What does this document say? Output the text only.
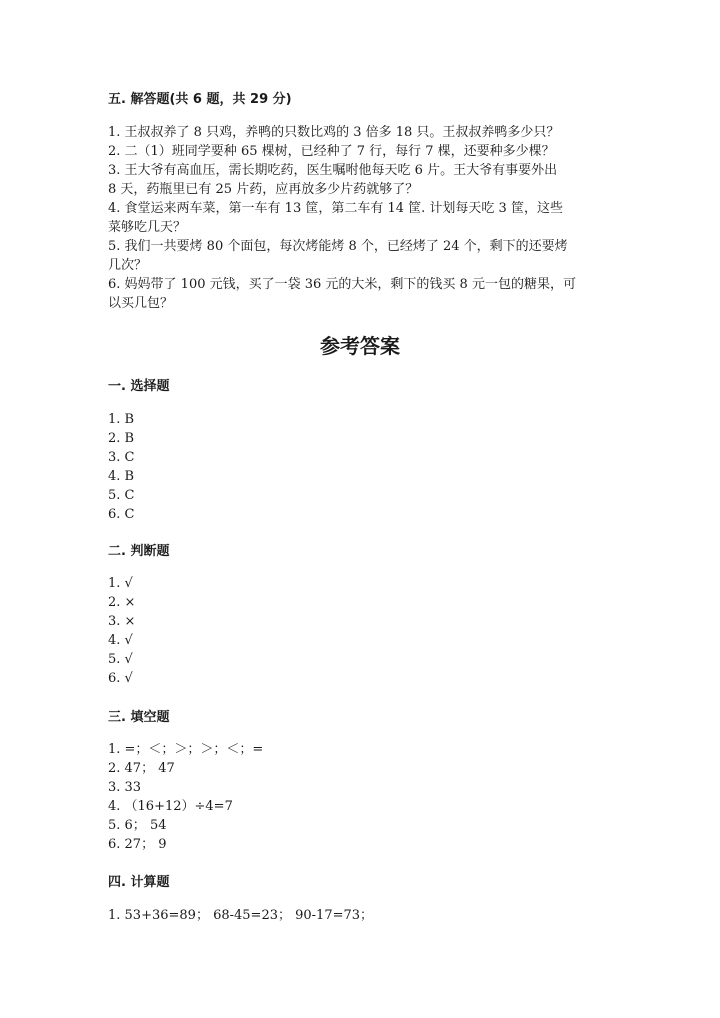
五. 解答题(共 6 题，共 29 分)
1. 王叔叔养了 8 只鸡，养鸭的只数比鸡的 3 倍多 18 只。王叔叔养鸭多少只？
2. 二（1）班同学要种 65 棵树，已经种了 7 行，每行 7 棵，还要种多少棵？
3. 王大爷有高血压，需长期吃药，医生嘱咐他每天吃 6 片。王大爷有事要外出
8 天，药瓶里已有 25 片药，应再放多少片药就够了？
4. 食堂运来两车菜，第一车有 13 筐，第二车有 14 筐. 计划每天吃 3 筐，这些
菜够吃几天？
5. 我们一共要烤 80 个面包，每次烤能烤 8 个，已经烤了 24 个，剩下的还要烤
几次？
6. 妈妈带了 100 元钱，买了一袋 36 元的大米，剩下的钱买 8 元一包的糖果，可
以买几包？
参考答案
一. 选择题
1. B
2. B
3. C
4. B
5. C
6. C
二. 判断题
1. √
2. ×
3. ×
4. √
5. √
6. √
三. 填空题
1. =；＜；＞；＞；＜；=
2. 47； 47
3. 33
4. （16+12）÷4=7
5. 6； 54
6. 27； 9
四. 计算题
1. 53+36=89； 68-45=23； 90-17=73；
